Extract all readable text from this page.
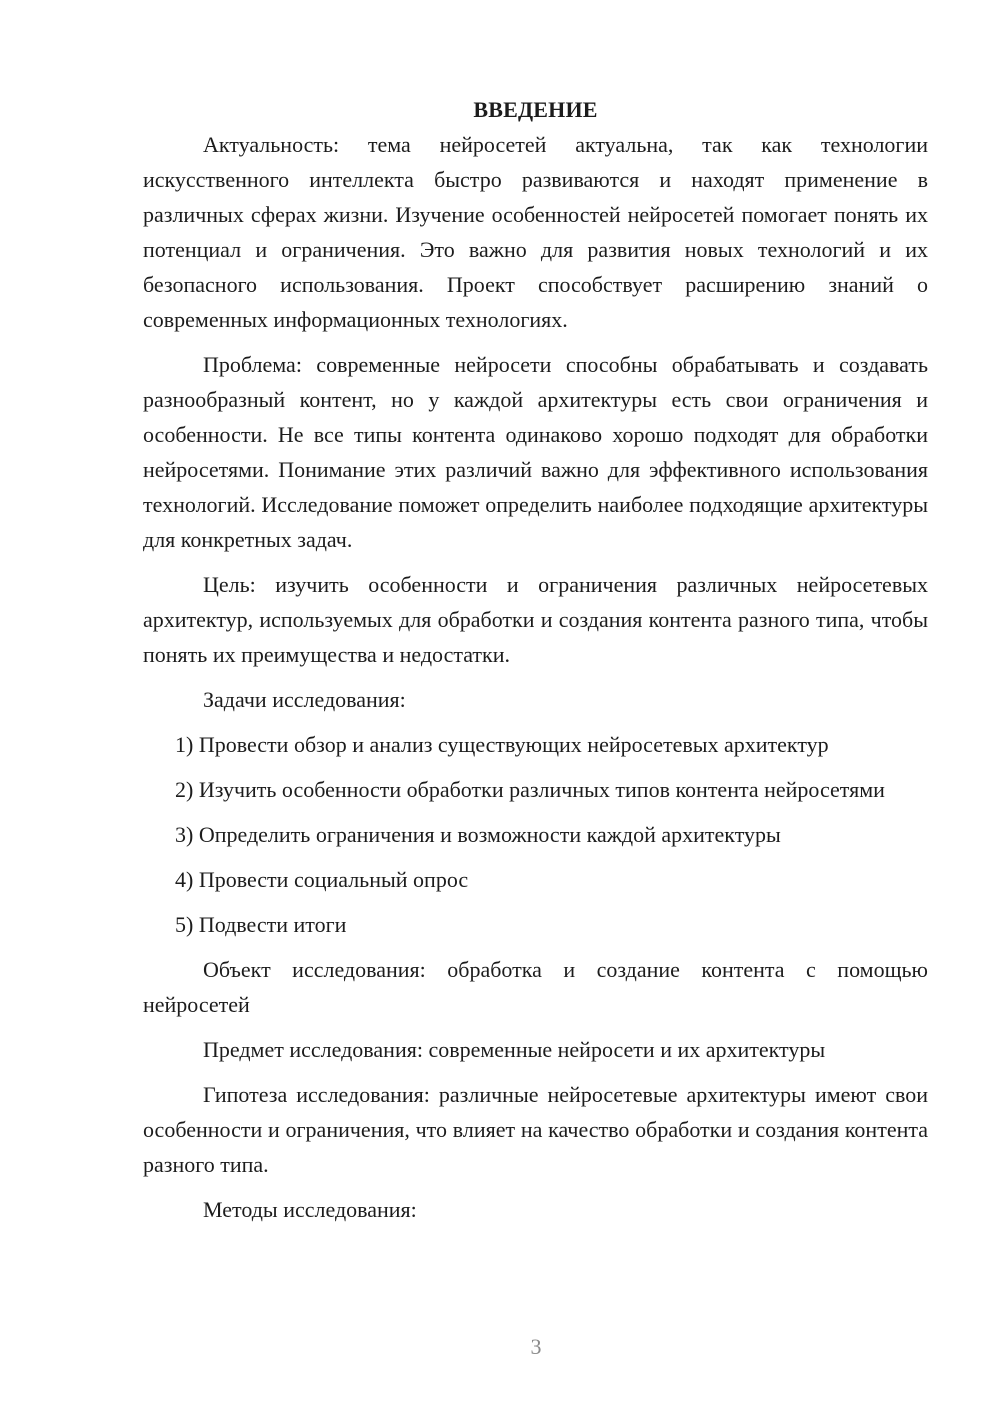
ВВЕДЕНИЕ

Актуальность: тема нейросетей актуальна, так как технологии искусственного интеллекта быстро развиваются и находят применение в различных сферах жизни. Изучение особенностей нейросетей помогает понять их потенциал и ограничения. Это важно для развития новых технологий и их безопасного использования. Проект способствует расширению знаний о современных информационных технологиях.

Проблема: современные нейросети способны обрабатывать и создавать разнообразный контент, но у каждой архитектуры есть свои ограничения и особенности. Не все типы контента одинаково хорошо подходят для обработки нейросетями. Понимание этих различий важно для эффективного использования технологий. Исследование поможет определить наиболее подходящие архитектуры для конкретных задач.

Цель: изучить особенности и ограничения различных нейросетевых архитектур, используемых для обработки и создания контента разного типа, чтобы понять их преимущества и недостатки.

Задачи исследования:

1) Провести обзор и анализ существующих нейросетевых архитектур

2) Изучить особенности обработки различных типов контента нейросетями

3) Определить ограничения и возможности каждой архитектуры

4) Провести социальный опрос

5) Подвести итоги

Объект исследования: обработка и создание контента с помощью нейросетей

Предмет исследования: современные нейросети и их архитектуры

Гипотеза исследования: различные нейросетевые архитектуры имеют свои особенности и ограничения, что влияет на качество обработки и создания контента разного типа.

Методы исследования:

3
